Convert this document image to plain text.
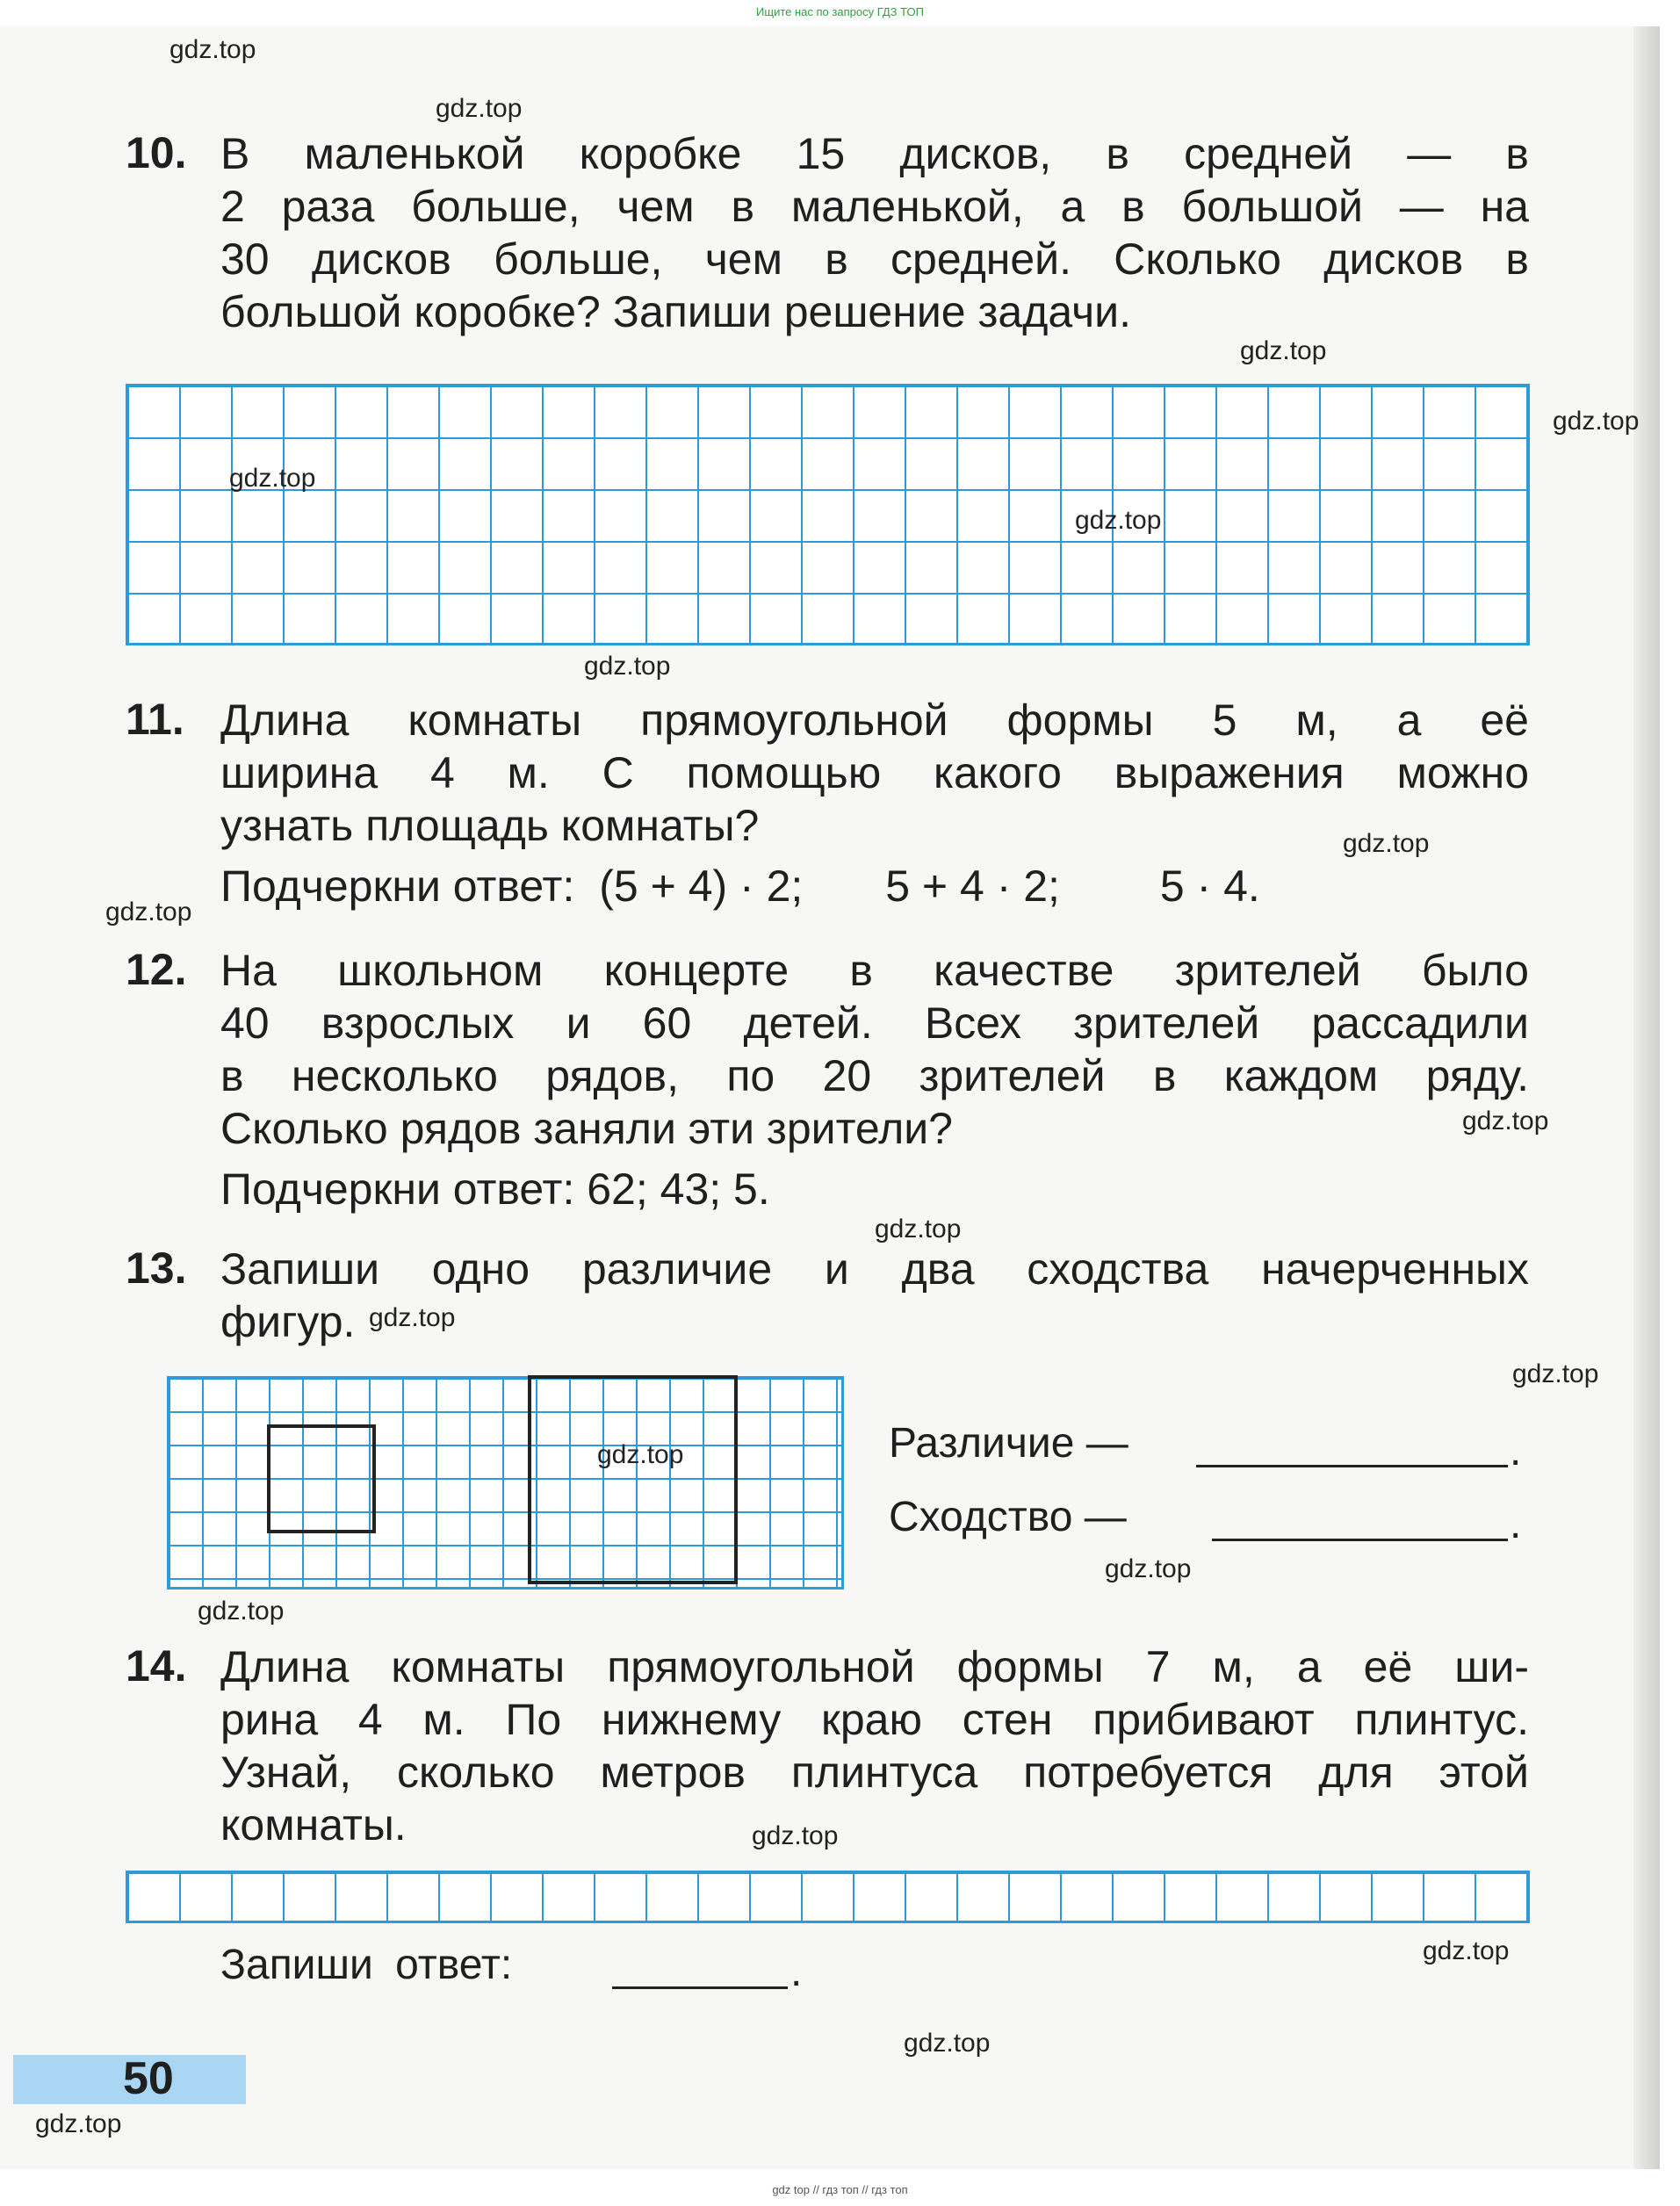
Ищите нас по запросу ГДЗ ТОП
10. В маленькой коробке 15 дисков, в средней — в
2 раза больше, чем в маленькой, а в большой — на
30 дисков больше, чем в средней. Сколько дисков в
большой коробке? Запиши решение задачи.
11. Длина комнаты прямоугольной формы 5 м, а её
ширина 4 м. С помощью какого выражения можно
узнать площадь комнаты?
Подчеркни ответ: (5 + 4) · 2; 5 + 4 · 2; 5 · 4.
12. На школьном концерте в качестве зрителей было
40 взрослых и 60 детей. Всех зрителей рассадили
в несколько рядов, по 20 зрителей в каждом ряду.
Сколько рядов заняли эти зрители?
Подчеркни ответ: 62; 43; 5.
13. Запиши одно различие и два сходства начерченных
фигур.
Различие —	.
Сходство —	.
14. Длина комнаты прямоугольной формы 7 м, а её ши-
рина 4 м. По нижнему краю стен прибивают плинтус.
Узнай, сколько метров плинтуса потребуется для этой
комнаты.
Запиши ответ:	.
50
gdz.top
gdz.top
gdz.top
gdz.top
gdz.top
gdz.top
gdz.top
gdz.top
gdz.top
gdz.top
gdz.top
gdz.top
gdz.top
gdz.top
gdz.top
gdz.top
gdz.top
gdz.top
gdz.top
gdz.top
gdz top // гдз топ // гдз топ
